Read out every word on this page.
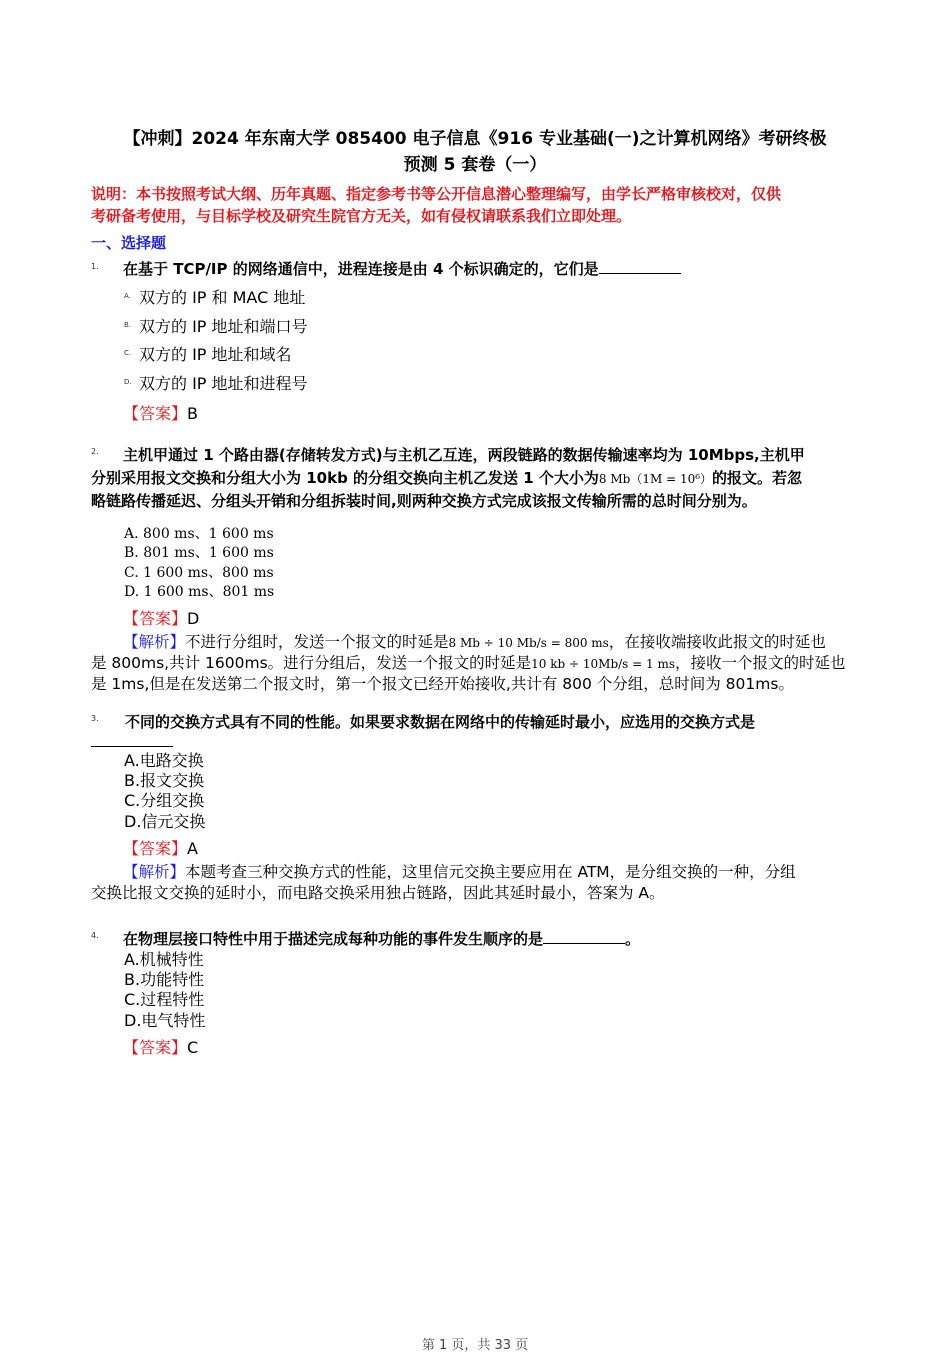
【冲刺】2024 年东南大学 085400 电子信息《916 专业基础(一)之计算机网络》考研终极
预测 5 套卷（一）
说明：本书按照考试大纲、历年真题、指定参考书等公开信息潜心整理编写，由学长严格审核校对，仅供
考研备考使用，与目标学校及研究生院官方无关，如有侵权请联系我们立即处理。
一、选择题
1. 在基于 TCP/IP 的网络通信中，进程连接是由 4 个标识确定的，它们是
A. 双方的 IP 和 MAC 地址
B. 双方的 IP 地址和端口号
C. 双方的 IP 地址和域名
D. 双方的 IP 地址和进程号
【答案】B
2. 主机甲通过 1 个路由器(存储转发方式)与主机乙互连，两段链路的数据传输速率均为 10Mbps,主机甲
分别采用报文交换和分组大小为 10kb 的分组交换向主机乙发送 1 个大小为8 Mb（1M = 10⁶）的报文。若忽
略链路传播延迟、分组头开销和分组拆装时间,则两种交换方式完成该报文传输所需的总时间分别为。
A. 800 ms、1 600 ms
B. 801 ms、1 600 ms
C. 1 600 ms、800 ms
D. 1 600 ms、801 ms
【答案】D
【解析】不进行分组时，发送一个报文的时延是8 Mb ÷ 10 Mb/s = 800 ms，在接收端接收此报文的时延也
是 800ms,共计 1600ms。进行分组后，发送一个报文的时延是10 kb ÷ 10Mb/s = 1 ms，接收一个报文的时延也
是 1ms,但是在发送第二个报文时，第一个报文已经开始接收,共计有 800 个分组，总时间为 801ms。
3. 不同的交换方式具有不同的性能。如果要求数据在网络中的传输延时最小，应选用的交换方式是
A.电路交换
B.报文交换
C.分组交换
D.信元交换
【答案】A
【解析】本题考查三种交换方式的性能，这里信元交换主要应用在 ATM，是分组交换的一种，分组
交换比报文交换的延时小，而电路交换采用独占链路，因此其延时最小，答案为 A。
4. 在物理层接口特性中用于描述完成每种功能的事件发生顺序的是	。
A.机械特性
B.功能特性
C.过程特性
D.电气特性
【答案】C
第 1 页，共 33 页
